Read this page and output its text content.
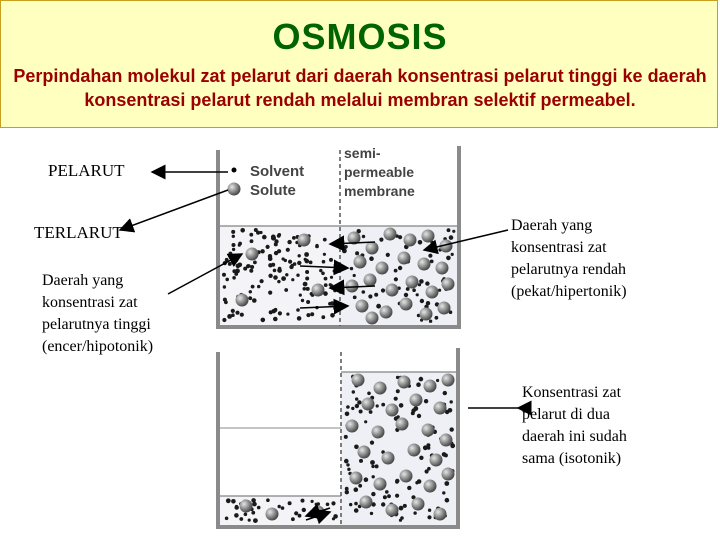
OSMOSIS
Perpindahan molekul zat pelarut dari daerah konsentrasi pelarut tinggi ke daerah konsentrasi pelarut rendah melalui membran selektif permeabel.
Solvent
Solute
semi-
permeable
membrane
PELARUT
TERLARUT
Daerah yang konsentrasi zat pelarutnya tinggi (encer/hipotonik)
Daerah yang konsentrasi zat pelarutnya rendah (pekat/hipertonik)
Konsentrasi zat pelarut di dua daerah ini sudah sama (isotonik)
